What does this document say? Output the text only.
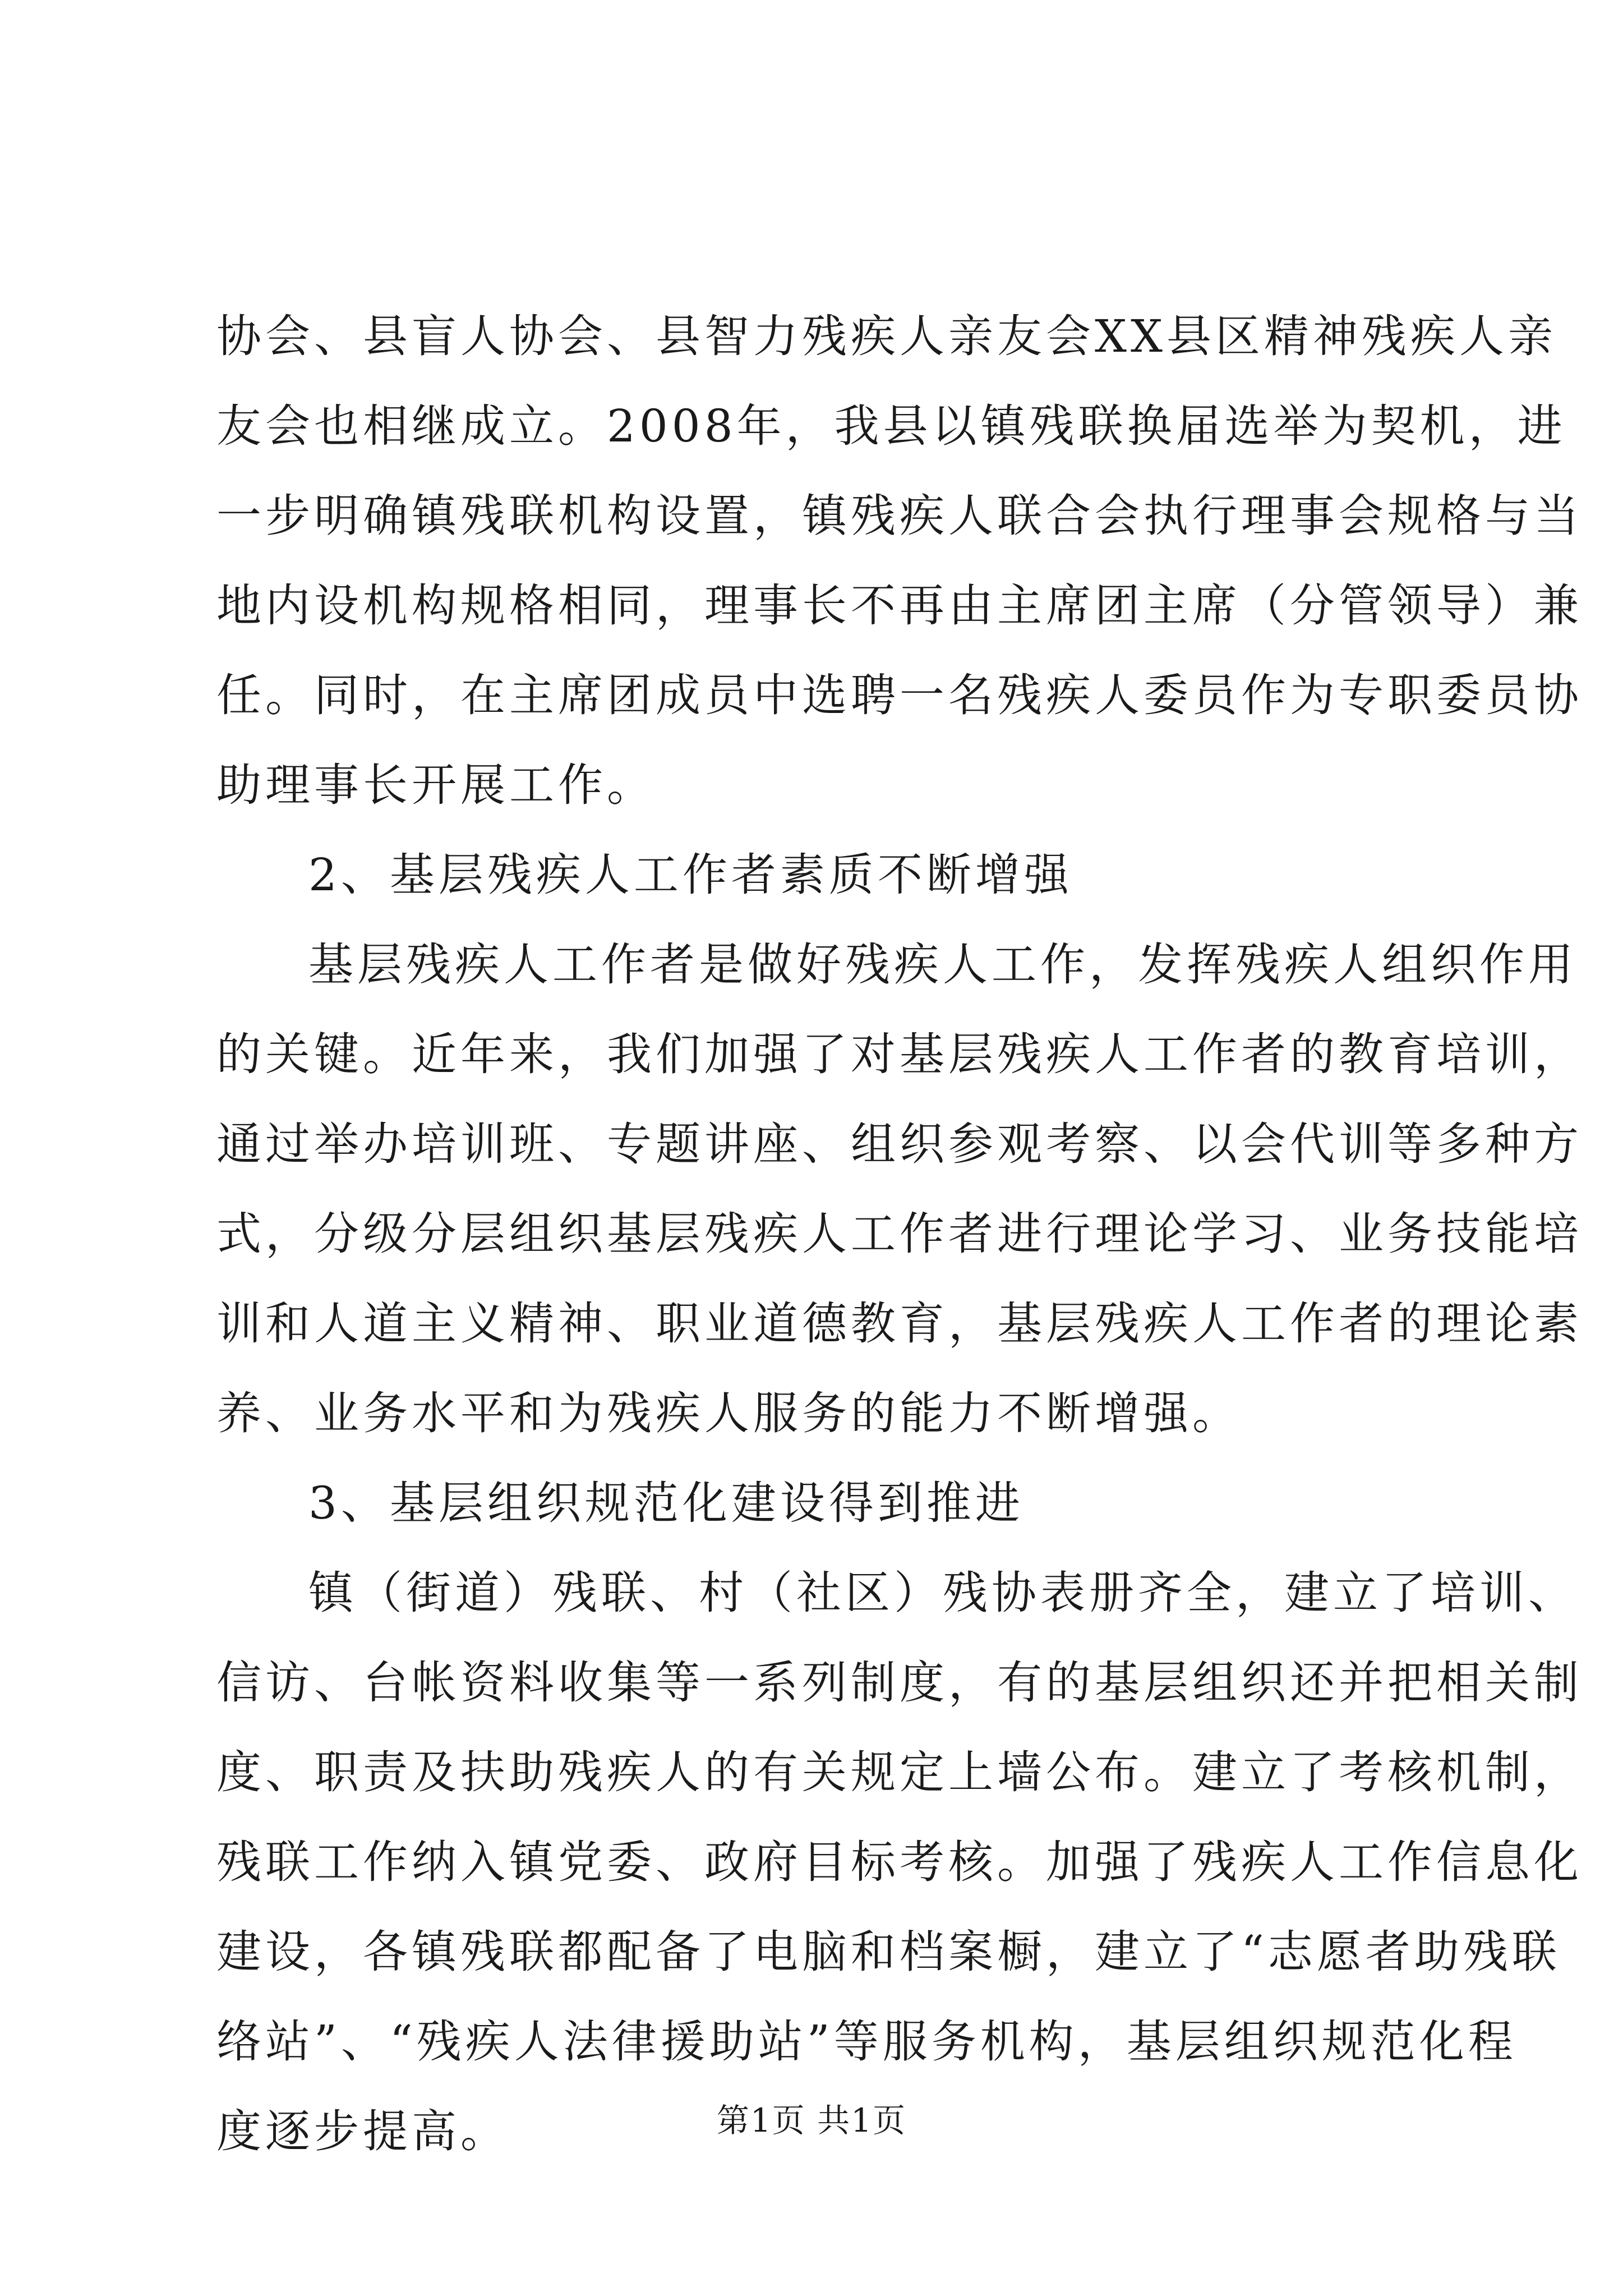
协会、县盲人协会、县智力残疾人亲友会XX县区精神残疾人亲
友会也相继成立。2008年，我县以镇残联换届选举为契机，进
一步明确镇残联机构设置，镇残疾人联合会执行理事会规格与当
地内设机构规格相同，理事长不再由主席团主席（分管领导）兼
任。同时，在主席团成员中选聘一名残疾人委员作为专职委员协
助理事长开展工作。
2、基层残疾人工作者素质不断增强
基层残疾人工作者是做好残疾人工作，发挥残疾人组织作用
的关键。近年来，我们加强了对基层残疾人工作者的教育培训，
通过举办培训班、专题讲座、组织参观考察、以会代训等多种方
式，分级分层组织基层残疾人工作者进行理论学习、业务技能培
训和人道主义精神、职业道德教育，基层残疾人工作者的理论素
养、业务水平和为残疾人服务的能力不断增强。
3、基层组织规范化建设得到推进
镇（街道）残联、村（社区）残协表册齐全，建立了培训、
信访、台帐资料收集等一系列制度，有的基层组织还并把相关制
度、职责及扶助残疾人的有关规定上墙公布。建立了考核机制，
残联工作纳入镇党委、政府目标考核。加强了残疾人工作信息化
建设，各镇残联都配备了电脑和档案橱，建立了“志愿者助残联
络站”、“残疾人法律援助站”等服务机构，基层组织规范化程
度逐步提高。	第1页 共1页
